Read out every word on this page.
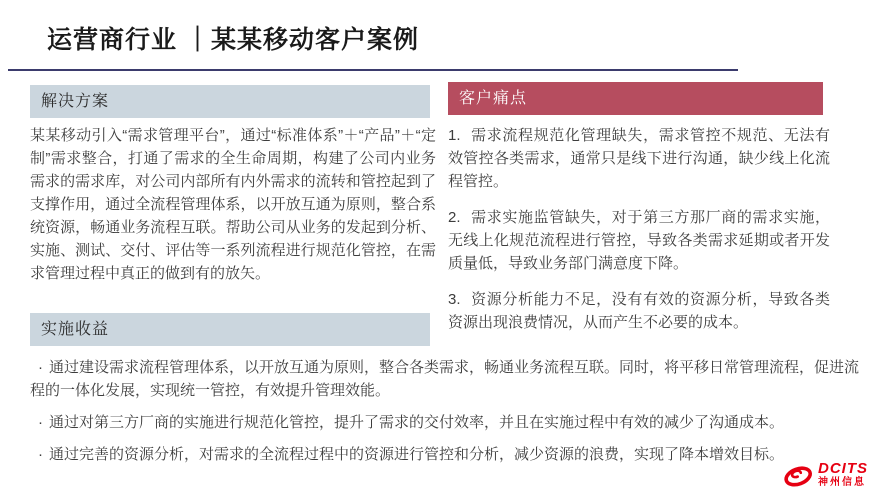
运营商行业 ｜某某移动客户案例
解决方案
某某移动引入“需求管理平台”，通过“标准体系”＋“产品”＋“定制”需求整合，打通了需求的全生命周期，构建了公司内业务需求的需求库，对公司内部所有内外需求的流转和管控起到了支撑作用，通过全流程管理体系，以开放互通为原则，整合系统资源，畅通业务流程互联。帮助公司从业务的发起到分析、实施、测试、交付、评估等一系列流程进行规范化管控，在需求管理过程中真正的做到有的放矢。
客户痛点

1. 需求流程规范化管理缺失，需求管控不规范、无法有效管控各类需求，通常只是线下进行沟通，缺少线上化流程管控。

2. 需求实施监管缺失，对于第三方那厂商的需求实施，无线上化规范流程进行管控，导致各类需求延期或者开发质量低，导致业务部门满意度下降。

3. 资源分析能力不足，没有有效的资源分析，导致各类资源出现浪费情况，从而产生不必要的成本。

实施收益

· 通过建设需求流程管理体系，以开放互通为原则，整合各类需求，畅通业务流程互联。同时，将平移日常管理流程，促进流程的一体化发展，实现统一管控，有效提升管理效能。

· 通过对第三方厂商的实施进行规范化管控，提升了需求的交付效率，并且在实施过程中有效的减少了沟通成本。

· 通过完善的资源分析，对需求的全流程过程中的资源进行管控和分析，减少资源的浪费，实现了降本增效目标。

DCITS
神州信息
